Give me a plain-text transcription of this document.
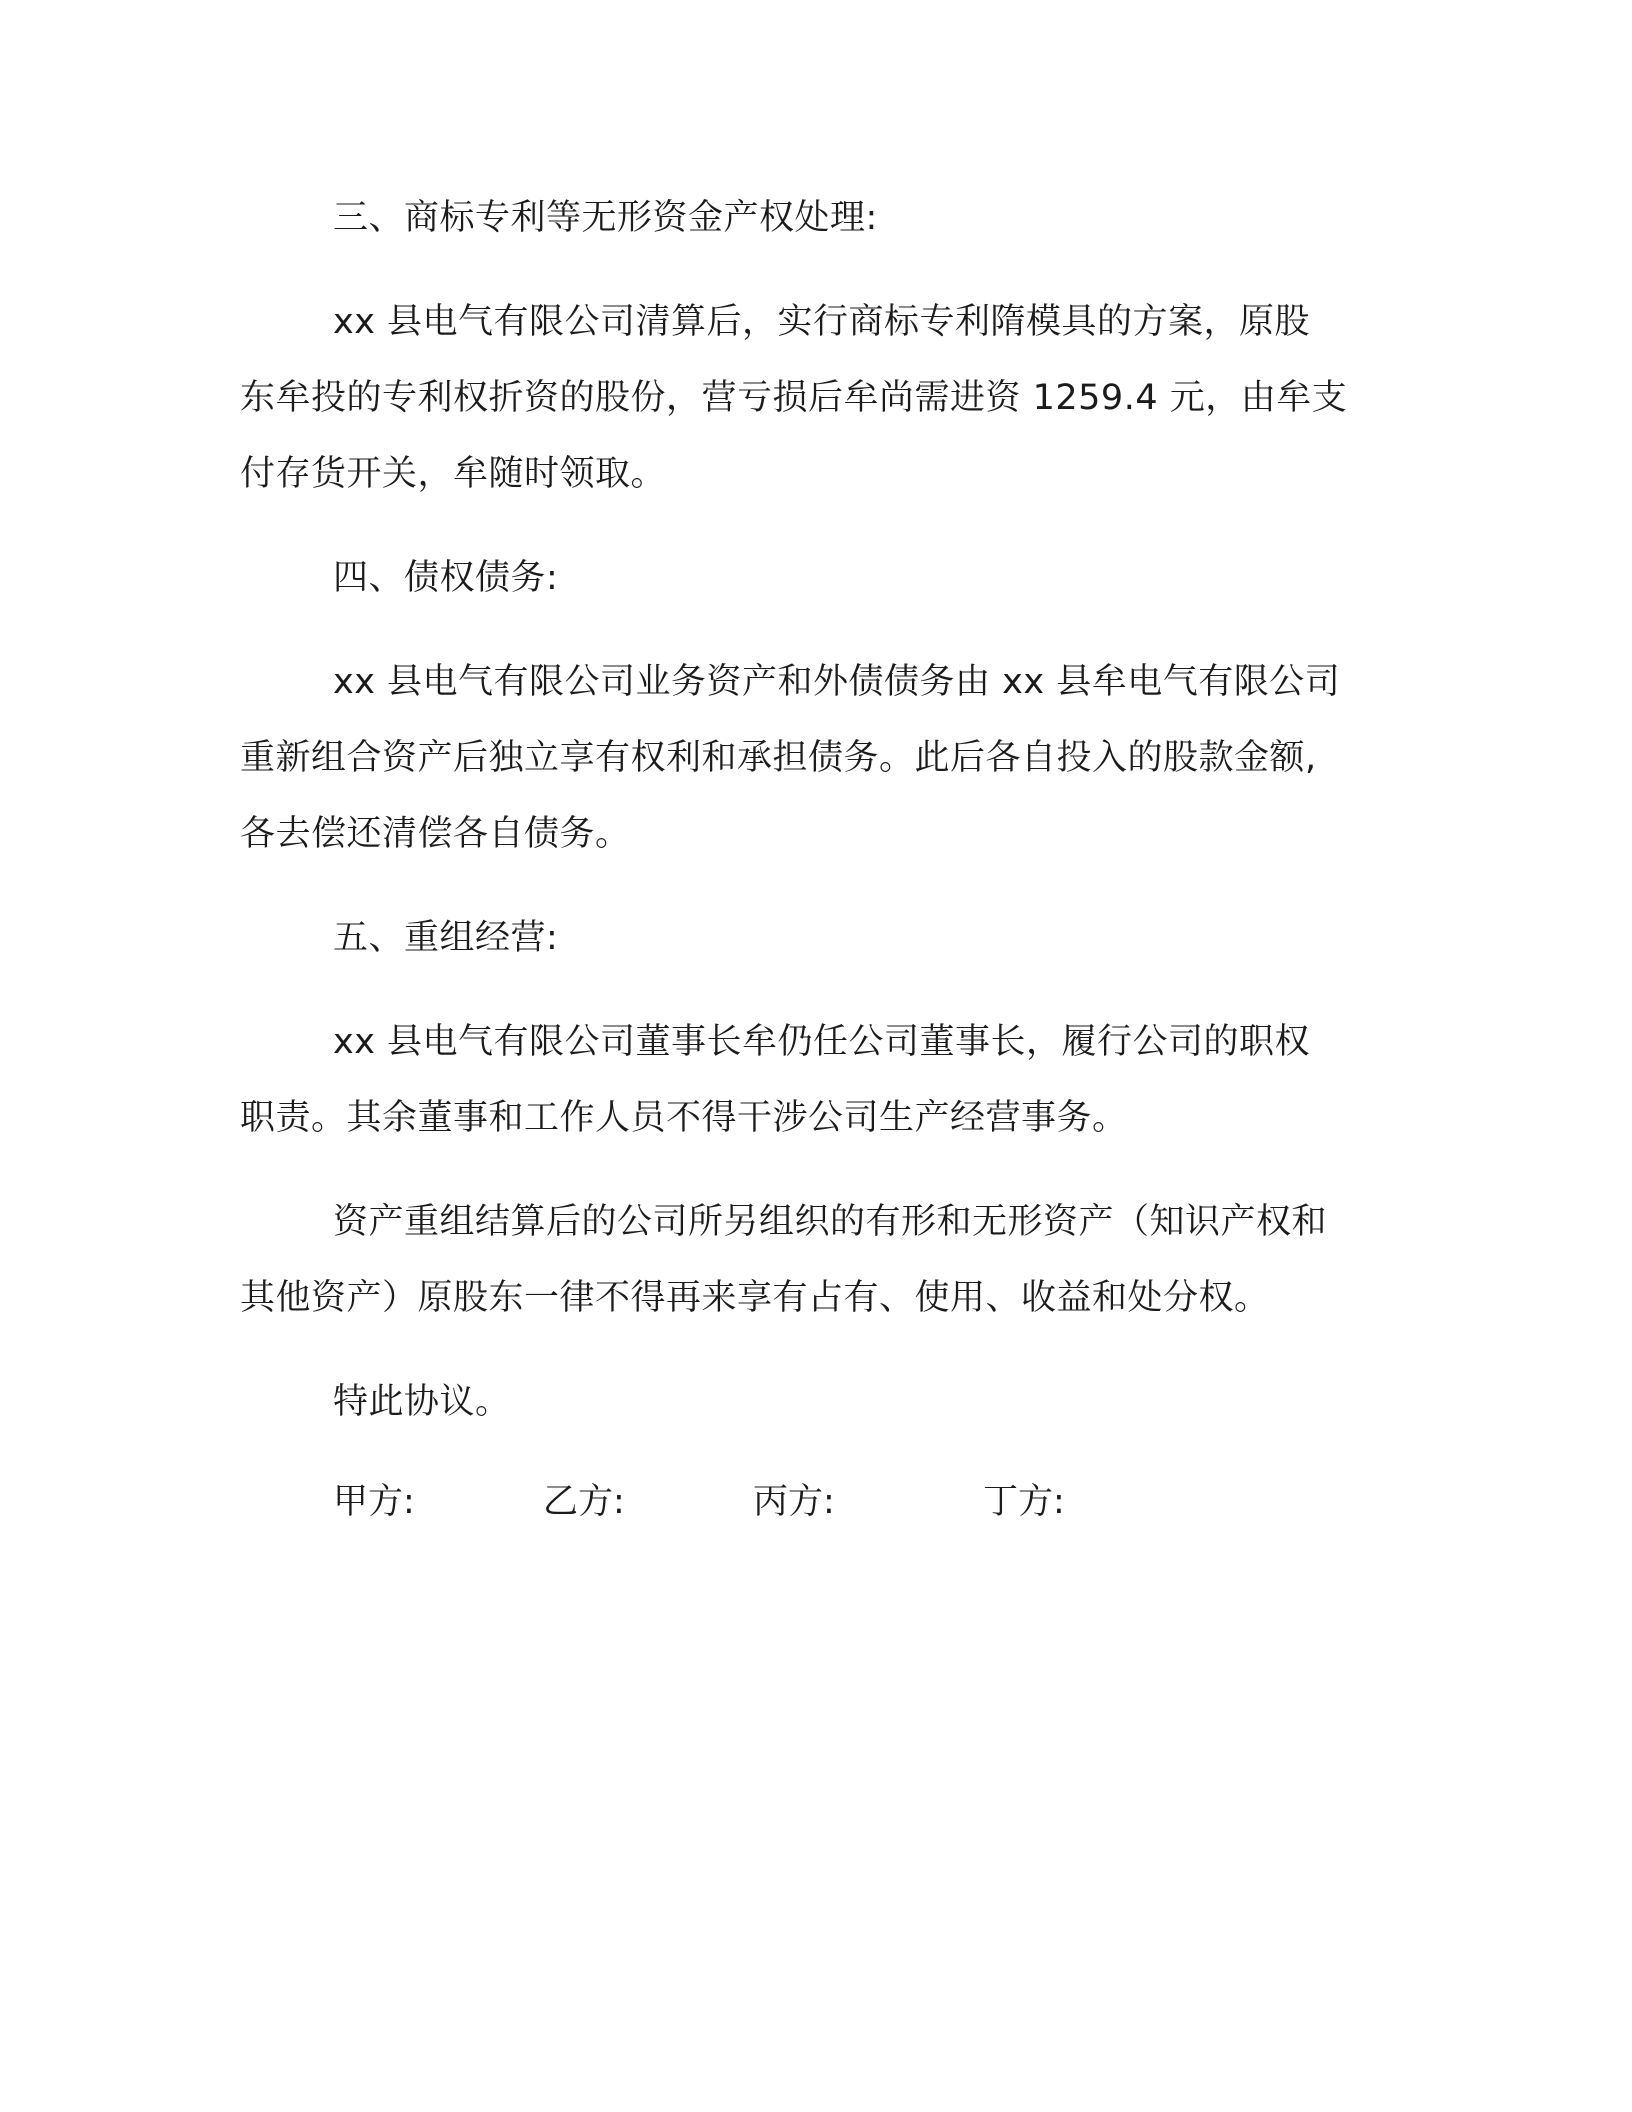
三、商标专利等无形资金产权处理:
xx 县电气有限公司清算后，实行商标专利隋模具的方案，原股
东牟投的专利权折资的股份，营亏损后牟尚需进资 1259.4 元，由牟支
付存货开关，牟随时领取。
四、债权债务:
xx 县电气有限公司业务资产和外债债务由 xx 县牟电气有限公司
重新组合资产后独立享有权利和承担债务。此后各自投入的股款金额,
各去偿还清偿各自债务。
五、重组经营:
xx 县电气有限公司董事长牟仍任公司董事长，履行公司的职权
职责。其余董事和工作人员不得干涉公司生产经营事务。
资产重组结算后的公司所另组织的有形和无形资产（知识产权和
其他资产）原股东一律不得再来享有占有、使用、收益和处分权。
特此协议。
甲方:	乙方:	丙方:	丁方:
